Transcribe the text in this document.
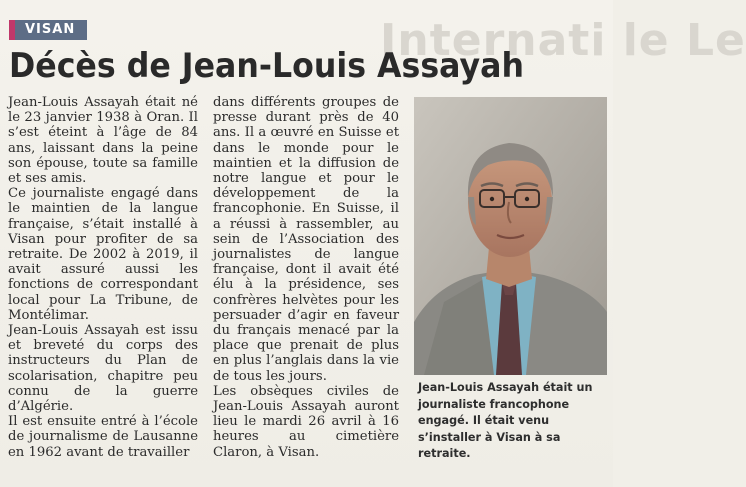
Internati le Le
VISAN
Décès de Jean-Louis Assayah

Jean-Louis Assayah était né le 23 janvier 1938 à Oran. Il s’est éteint à l’âge de 84 ans, laissant dans la peine son épouse, toute sa famille et ses amis.

Ce journaliste engagé dans le maintien de la langue française, s’était installé à Visan pour profiter de sa retraite. De 2002 à 2019, il avait assuré aussi les fonctions de correspondant local pour La Tribune, de Montélimar.

Jean-Louis Assayah est issu et breveté du corps des instructeurs du Plan de scolarisation, chapitre peu connu de la guerre d’Algérie.

Il est ensuite entré à l’école de journalisme de Lausanne en 1962 avant de travailler

dans différents groupes de presse durant près de 40 ans. Il a œuvré en Suisse et dans le monde pour le maintien et la diffusion de notre langue et pour le développement de la francophonie. En Suisse, il a réussi à rassembler, au sein de l’Association des journalistes de langue française, dont il avait été élu à la présidence, ses confrères helvètes pour les persuader d’agir en faveur du français menacé par la place que prenait de plus en plus l’anglais dans la vie de tous les jours.

Les obsèques civiles de Jean-Louis Assayah auront lieu le mardi 26 avril à 16 heures au cimetière Claron, à Visan.

Jean-Louis Assayah était un journaliste francophone engagé. Il était venu s’installer à Visan à sa retraite.
